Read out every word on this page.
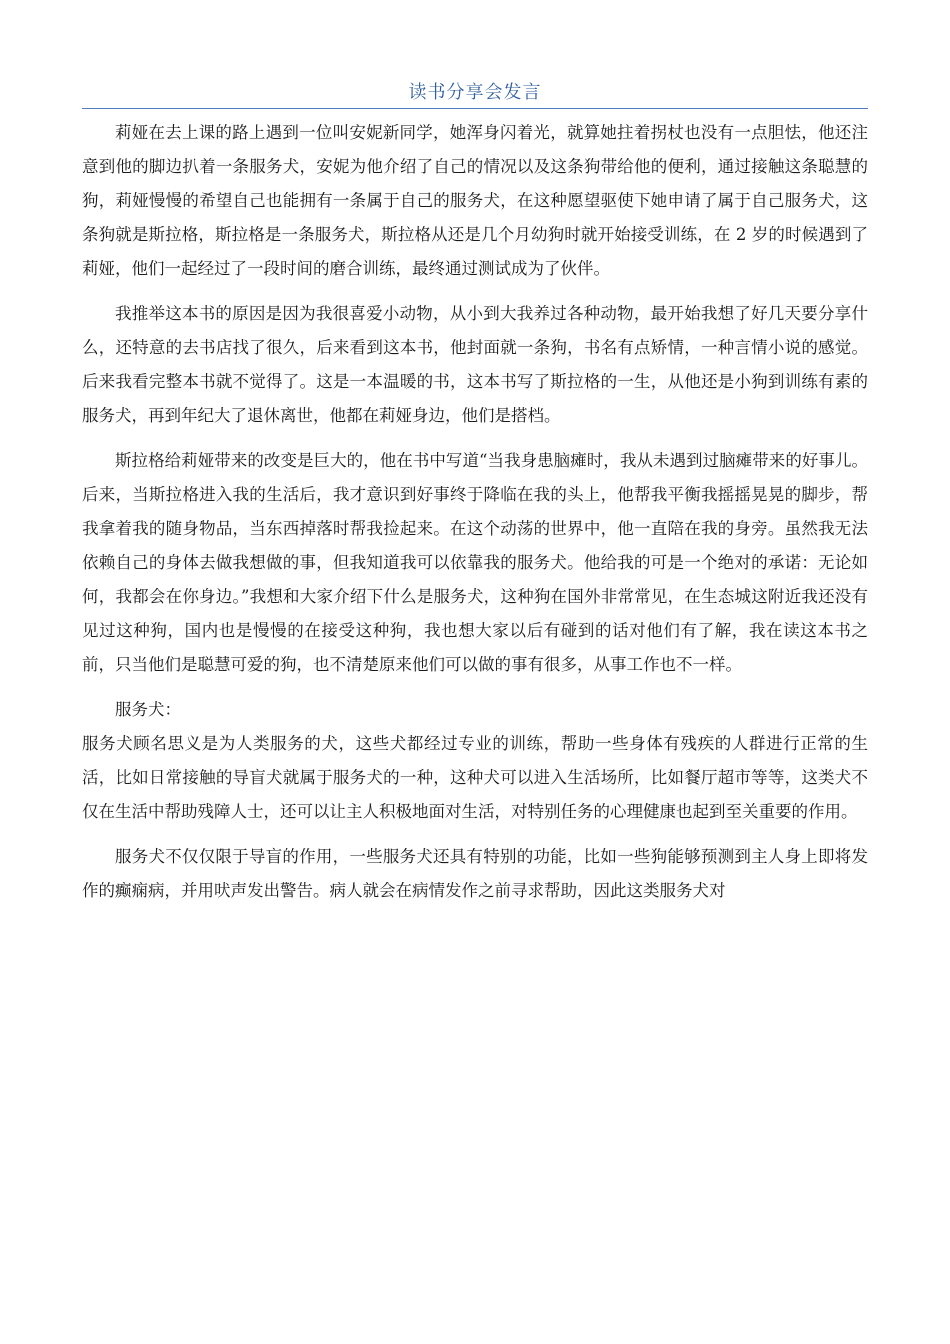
读书分享会发言

莉娅在去上课的路上遇到一位叫安妮新同学，她浑身闪着光，就算她拄着拐杖也没有一点胆怯，他还注意到他的脚边扒着一条服务犬，安妮为他介绍了自己的情况以及这条狗带给他的便利，通过接触这条聪慧的狗，莉娅慢慢的希望自己也能拥有一条属于自己的服务犬，在这种愿望驱使下她申请了属于自己服务犬，这条狗就是斯拉格，斯拉格是一条服务犬，斯拉格从还是几个月幼狗时就开始接受训练，在 2 岁的时候遇到了莉娅，他们一起经过了一段时间的磨合训练，最终通过测试成为了伙伴。

我推举这本书的原因是因为我很喜爱小动物，从小到大我养过各种动物，最开始我想了好几天要分享什么，还特意的去书店找了很久，后来看到这本书，他封面就一条狗，书名有点矫情，一种言情小说的感觉。后来我看完整本书就不觉得了。这是一本温暖的书，这本书写了斯拉格的一生，从他还是小狗到训练有素的服务犬，再到年纪大了退休离世，他都在莉娅身边，他们是搭档。

斯拉格给莉娅带来的改变是巨大的，他在书中写道“当我身患脑瘫时，我从未遇到过脑瘫带来的好事儿。后来，当斯拉格进入我的生活后，我才意识到好事终于降临在我的头上，他帮我平衡我摇摇晃晃的脚步，帮我拿着我的随身物品，当东西掉落时帮我捡起来。在这个动荡的世界中，他一直陪在我的身旁。虽然我无法依赖自己的身体去做我想做的事，但我知道我可以依靠我的服务犬。他给我的可是一个绝对的承诺：无论如何，我都会在你身边。”我想和大家介绍下什么是服务犬，这种狗在国外非常常见，在生态城这附近我还没有见过这种狗，国内也是慢慢的在接受这种狗，我也想大家以后有碰到的话对他们有了解，我在读这本书之前，只当他们是聪慧可爱的狗，也不清楚原来他们可以做的事有很多，从事工作也不一样。

服务犬：

服务犬顾名思义是为人类服务的犬，这些犬都经过专业的训练，帮助一些身体有残疾的人群进行正常的生活，比如日常接触的导盲犬就属于服务犬的一种，这种犬可以进入生活场所，比如餐厅超市等等，这类犬不仅在生活中帮助残障人士，还可以让主人积极地面对生活，对特别任务的心理健康也起到至关重要的作用。

服务犬不仅仅限于导盲的作用，一些服务犬还具有特别的功能，比如一些狗能够预测到主人身上即将发作的癫痫病，并用吠声发出警告。病人就会在病情发作之前寻求帮助，因此这类服务犬对
